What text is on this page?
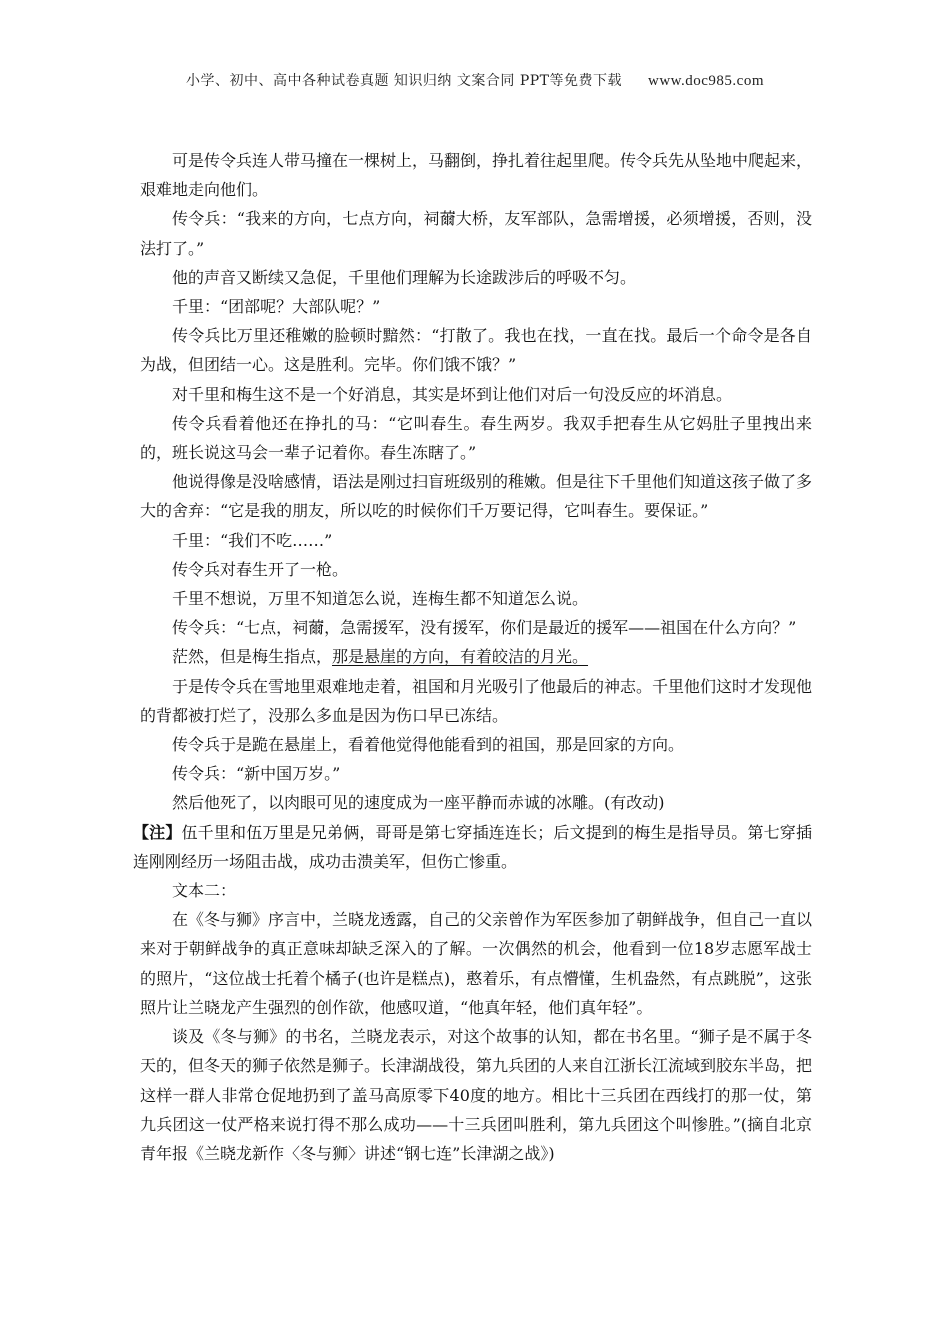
小学、初中、高中各种试卷真题 知识归纳 文案合同 PPT等免费下载 www.doc985.com

可是传令兵连人带马撞在一棵树上，马翻倒，挣扎着往起里爬。传令兵先从坠地中爬起来，艰难地走向他们。

传令兵：“我来的方向，七点方向，祠薾大桥，友军部队，急需增援，必须增援，否则，没法打了。”

他的声音又断续又急促，千里他们理解为长途跋涉后的呼吸不匀。

千里：“团部呢？大部队呢？”

传令兵比万里还稚嫩的脸顿时黯然：“打散了。我也在找，一直在找。最后一个命令是各自为战，但团结一心。这是胜利。完毕。你们饿不饿？”

对千里和梅生这不是一个好消息，其实是坏到让他们对后一句没反应的坏消息。

传令兵看着他还在挣扎的马：“它叫春生。春生两岁。我双手把春生从它妈肚子里拽出来的，班长说这马会一辈子记着你。春生冻瞎了。”

他说得像是没啥感情，语法是刚过扫盲班级别的稚嫩。但是往下千里他们知道这孩子做了多大的舍弃：“它是我的朋友，所以吃的时候你们千万要记得，它叫春生。要保证。”

千里：“我们不吃……”

传令兵对春生开了一枪。

千里不想说，万里不知道怎么说，连梅生都不知道怎么说。

传令兵：“七点，祠薾，急需援军，没有援军，你们是最近的援军——祖国在什么方向？”

茫然，但是梅生指点，那是悬崖的方向，有着皎洁的月光。

于是传令兵在雪地里艰难地走着，祖国和月光吸引了他最后的神志。千里他们这时才发现他的背都被打烂了，没那么多血是因为伤口早已冻结。

传令兵于是跪在悬崖上，看着他觉得他能看到的祖国，那是回家的方向。

传令兵：“新中国万岁。”

然后他死了，以肉眼可见的速度成为一座平静而赤诚的冰雕。(有改动)

【注】伍千里和伍万里是兄弟俩，哥哥是第七穿插连连长；后文提到的梅生是指导员。第七穿插连刚刚经历一场阻击战，成功击溃美军，但伤亡惨重。

文本二：

在《冬与狮》序言中，兰晓龙透露，自己的父亲曾作为军医参加了朝鲜战争，但自己一直以来对于朝鲜战争的真正意味却缺乏深入的了解。一次偶然的机会，他看到一位18岁志愿军战士的照片，“这位战士托着个橘子(也许是糕点)，憨着乐，有点懵懂，生机盎然，有点跳脱”，这张照片让兰晓龙产生强烈的创作欲，他感叹道，“他真年轻，他们真年轻”。

谈及《冬与狮》的书名，兰晓龙表示，对这个故事的认知，都在书名里。“狮子是不属于冬天的，但冬天的狮子依然是狮子。长津湖战役，第九兵团的人来自江浙长江流域到胶东半岛，把这样一群人非常仓促地扔到了盖马高原零下40度的地方。相比十三兵团在西线打的那一仗，第九兵团这一仗严格来说打得不那么成功——十三兵团叫胜利，第九兵团这个叫惨胜。”(摘自北京青年报《兰晓龙新作〈冬与狮〉讲述“钢七连”长津湖之战》)
